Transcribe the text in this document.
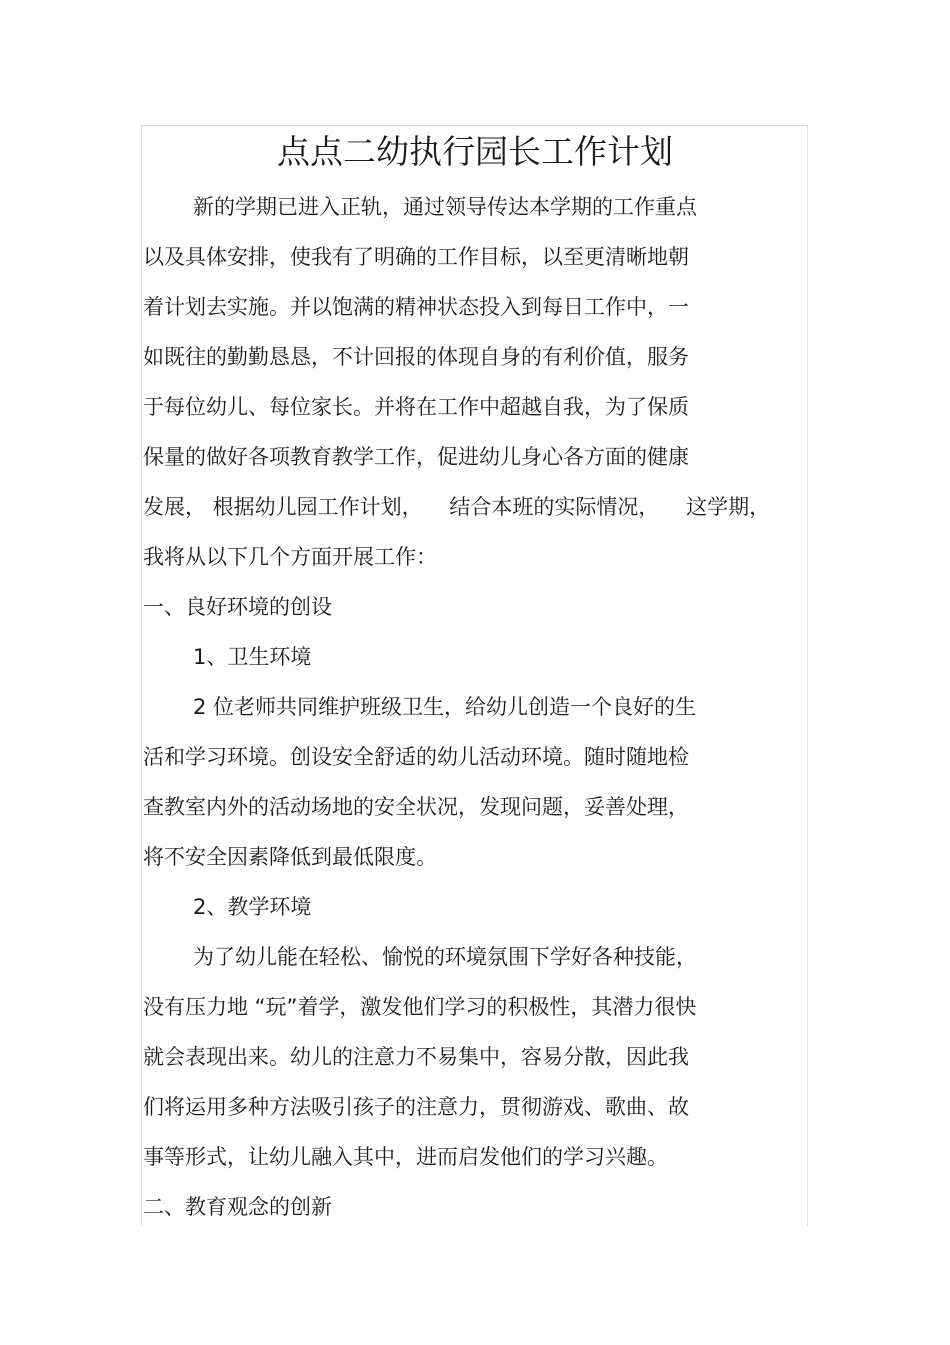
点点二幼执行园长工作计划
新的学期已进入正轨，通过领导传达本学期的工作重点
以及具体安排，使我有了明确的工作目标，以至更清晰地朝
着计划去实施。并以饱满的精神状态投入到每日工作中，一
如既往的勤勤恳恳，不计回报的体现自身的有利价值，服务
于每位幼儿、每位家长。并将在工作中超越自我，为了保质
保量的做好各项教育教学工作，促进幼儿身心各方面的健康
发展， 根据幼儿园工作计划，    结合本班的实际情况，    这学期，
我将从以下几个方面开展工作：
一、良好环境的创设
1、卫生环境
2 位老师共同维护班级卫生，给幼儿创造一个良好的生
活和学习环境。创设安全舒适的幼儿活动环境。随时随地检
查教室内外的活动场地的安全状况，发现问题，妥善处理，
将不安全因素降低到最低限度。
2、教学环境
为了幼儿能在轻松、愉悦的环境氛围下学好各种技能，
没有压力地 “玩”着学，激发他们学习的积极性，其潜力很快
就会表现出来。幼儿的注意力不易集中，容易分散，因此我
们将运用多种方法吸引孩子的注意力，贯彻游戏、歌曲、故
事等形式，让幼儿融入其中，进而启发他们的学习兴趣。
二、教育观念的创新
